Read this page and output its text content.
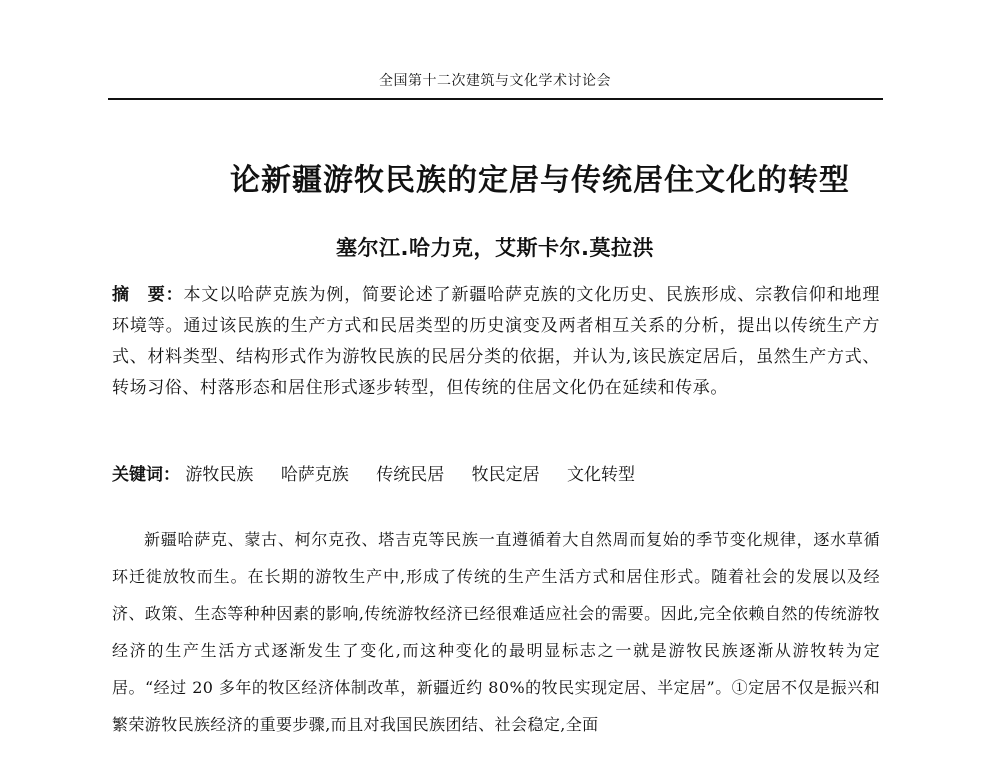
全国第十二次建筑与文化学术讨论会
论新疆游牧民族的定居与传统居住文化的转型
塞尔江.哈力克，艾斯卡尔.莫拉洪
摘　要：本文以哈萨克族为例，简要论述了新疆哈萨克族的文化历史、民族形成、宗教信仰和地理环境等。通过该民族的生产方式和民居类型的历史演变及两者相互关系的分析，提出以传统生产方式、材料类型、结构形式作为游牧民族的民居分类的依据，并认为,该民族定居后，虽然生产方式、转场习俗、村落形态和居住形式逐步转型，但传统的住居文化仍在延续和传承。
关键词： 游牧民族 哈萨克族 传统民居 牧民定居 文化转型

新疆哈萨克、蒙古、柯尔克孜、塔吉克等民族一直遵循着大自然周而复始的季节变化规律，逐水草循环迁徙放牧而生。在长期的游牧生产中,形成了传统的生产生活方式和居住形式。随着社会的发展以及经济、政策、生态等种种因素的影响,传统游牧经济已经很难适应社会的需要。因此,完全依赖自然的传统游牧经济的生产生活方式逐渐发生了变化,而这种变化的最明显标志之一就是游牧民族逐渐从游牧转为定居。“经过 20 多年的牧区经济体制改革，新疆近约 80%的牧民实现定居、半定居”。①定居不仅是振兴和繁荣游牧民族经济的重要步骤,而且对我国民族团结、社会稳定,全面
